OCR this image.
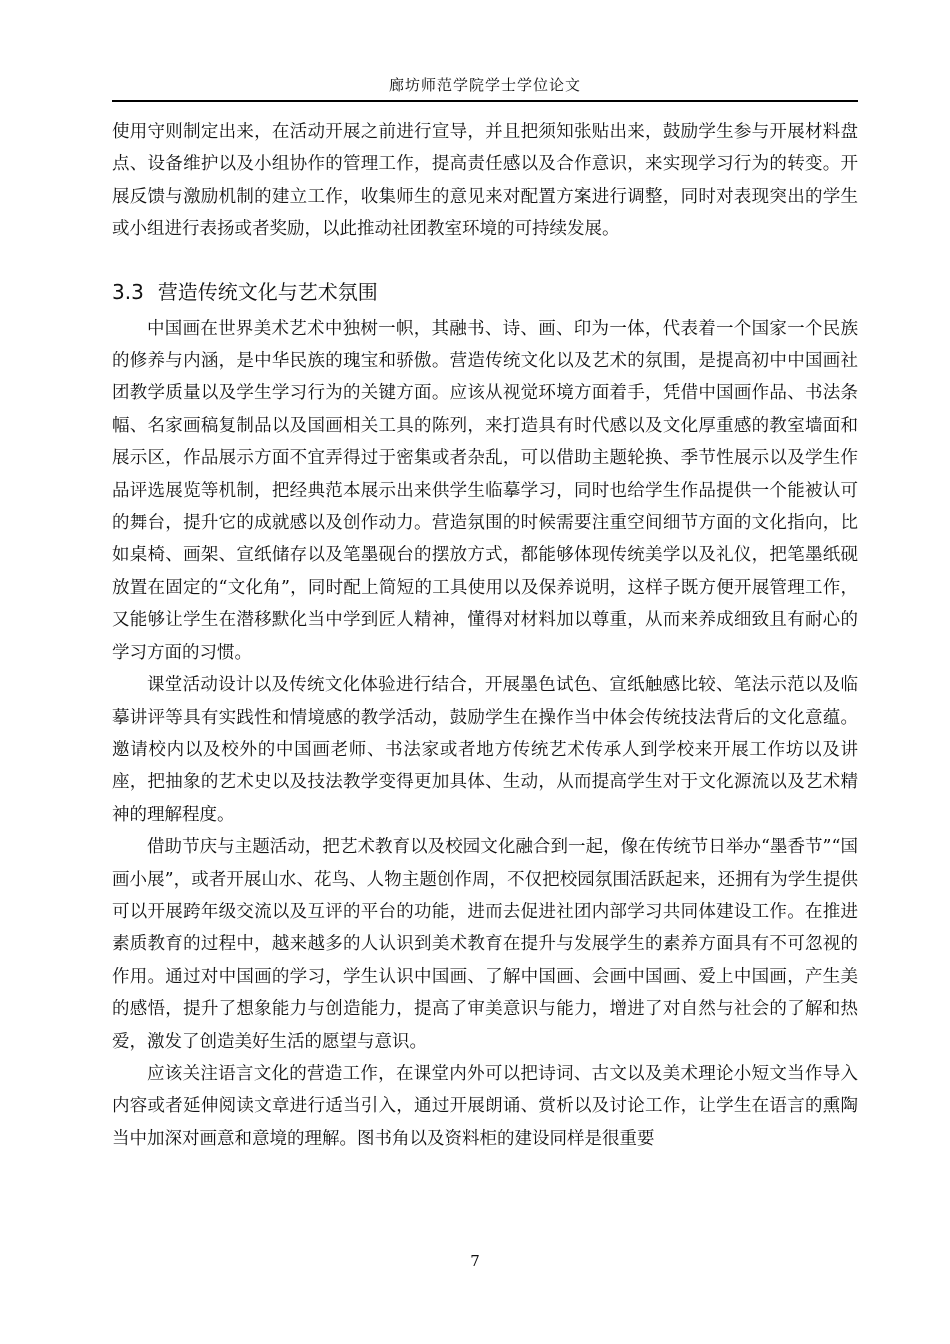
廊坊师范学院学士学位论文

使用守则制定出来，在活动开展之前进行宣导，并且把须知张贴出来，鼓励学生参与开展材料盘点、设备维护以及小组协作的管理工作，提高责任感以及合作意识，来实现学习行为的转变。开展反馈与激励机制的建立工作，收集师生的意见来对配置方案进行调整，同时对表现突出的学生或小组进行表扬或者奖励，以此推动社团教室环境的可持续发展。

3.3 营造传统文化与艺术氛围

中国画在世界美术艺术中独树一帜，其融书、诗、画、印为一体，代表着一个国家一个民族的修养与内涵，是中华民族的瑰宝和骄傲。营造传统文化以及艺术的氛围，是提高初中中国画社团教学质量以及学生学习行为的关键方面。应该从视觉环境方面着手，凭借中国画作品、书法条幅、名家画稿复制品以及国画相关工具的陈列，来打造具有时代感以及文化厚重感的教室墙面和展示区，作品展示方面不宜弄得过于密集或者杂乱，可以借助主题轮换、季节性展示以及学生作品评选展览等机制，把经典范本展示出来供学生临摹学习，同时也给学生作品提供一个能被认可的舞台，提升它的成就感以及创作动力。营造氛围的时候需要注重空间细节方面的文化指向，比如桌椅、画架、宣纸储存以及笔墨砚台的摆放方式，都能够体现传统美学以及礼仪，把笔墨纸砚放置在固定的“文化角”，同时配上简短的工具使用以及保养说明，这样子既方便开展管理工作，又能够让学生在潜移默化当中学到匠人精神，懂得对材料加以尊重，从而来养成细致且有耐心的学习方面的习惯。

课堂活动设计以及传统文化体验进行结合，开展墨色试色、宣纸触感比较、笔法示范以及临摹讲评等具有实践性和情境感的教学活动，鼓励学生在操作当中体会传统技法背后的文化意蕴。邀请校内以及校外的中国画老师、书法家或者地方传统艺术传承人到学校来开展工作坊以及讲座，把抽象的艺术史以及技法教学变得更加具体、生动，从而提高学生对于文化源流以及艺术精神的理解程度。

借助节庆与主题活动，把艺术教育以及校园文化融合到一起，像在传统节日举办“墨香节”“国画小展”，或者开展山水、花鸟、人物主题创作周，不仅把校园氛围活跃起来，还拥有为学生提供可以开展跨年级交流以及互评的平台的功能，进而去促进社团内部学习共同体建设工作。在推进素质教育的过程中，越来越多的人认识到美术教育在提升与发展学生的素养方面具有不可忽视的作用。通过对中国画的学习，学生认识中国画、了解中国画、会画中国画、爱上中国画，产生美的感悟，提升了想象能力与创造能力，提高了审美意识与能力，增进了对自然与社会的了解和热爱，激发了创造美好生活的愿望与意识。

应该关注语言文化的营造工作，在课堂内外可以把诗词、古文以及美术理论小短文当作导入内容或者延伸阅读文章进行适当引入，通过开展朗诵、赏析以及讨论工作，让学生在语言的熏陶当中加深对画意和意境的理解。图书角以及资料柜的建设同样是很重要

7
